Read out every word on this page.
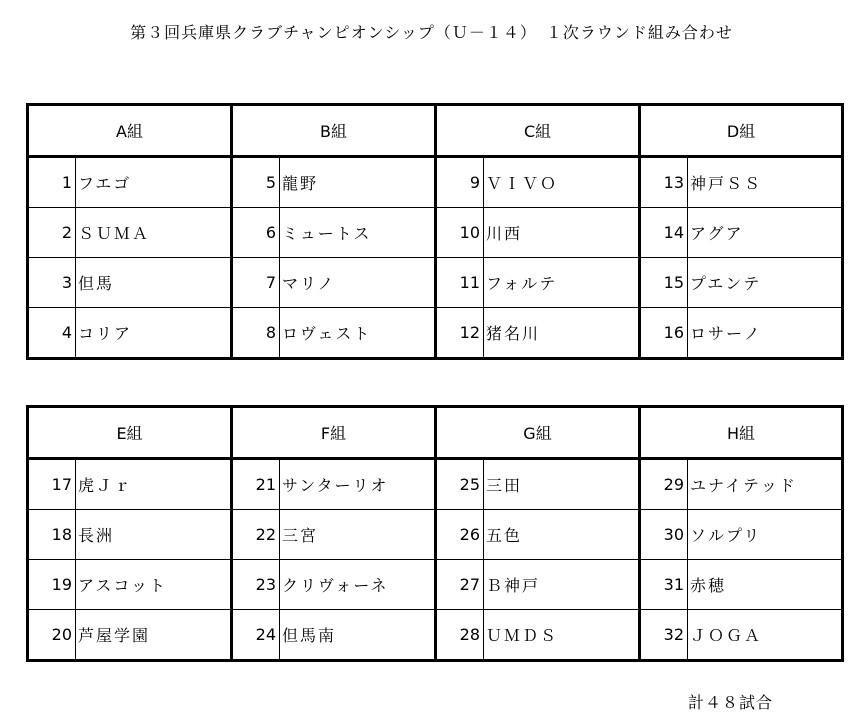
第３回兵庫県クラブチャンピオンシップ（Ｕ－１４）　１次ラウンド組み合わせ
A組		B組		C組		D組	
1	フエゴ	5	龍野	9	ＶＩＶＯ	13	神戸ＳＳ
2	ＳＵＭＡ	6	ミュートス	10	川西	14	アグア
3	但馬	7	マリノ	11	フォルテ	15	プエンテ
4	コリア	8	ロヴェスト	12	猪名川	16	ロサーノ
E組		F組		G組		H組	
17	虎Ｊｒ	21	サンターリオ	25	三田	29	ユナイテッド
18	長洲	22	三宮	26	五色	30	ソルプリ
19	アスコット	23	クリヴォーネ	27	Ｂ神戸	31	赤穂
20	芦屋学園	24	但馬南	28	ＵＭＤＳ	32	ＪＯＧＡ
計４８試合
